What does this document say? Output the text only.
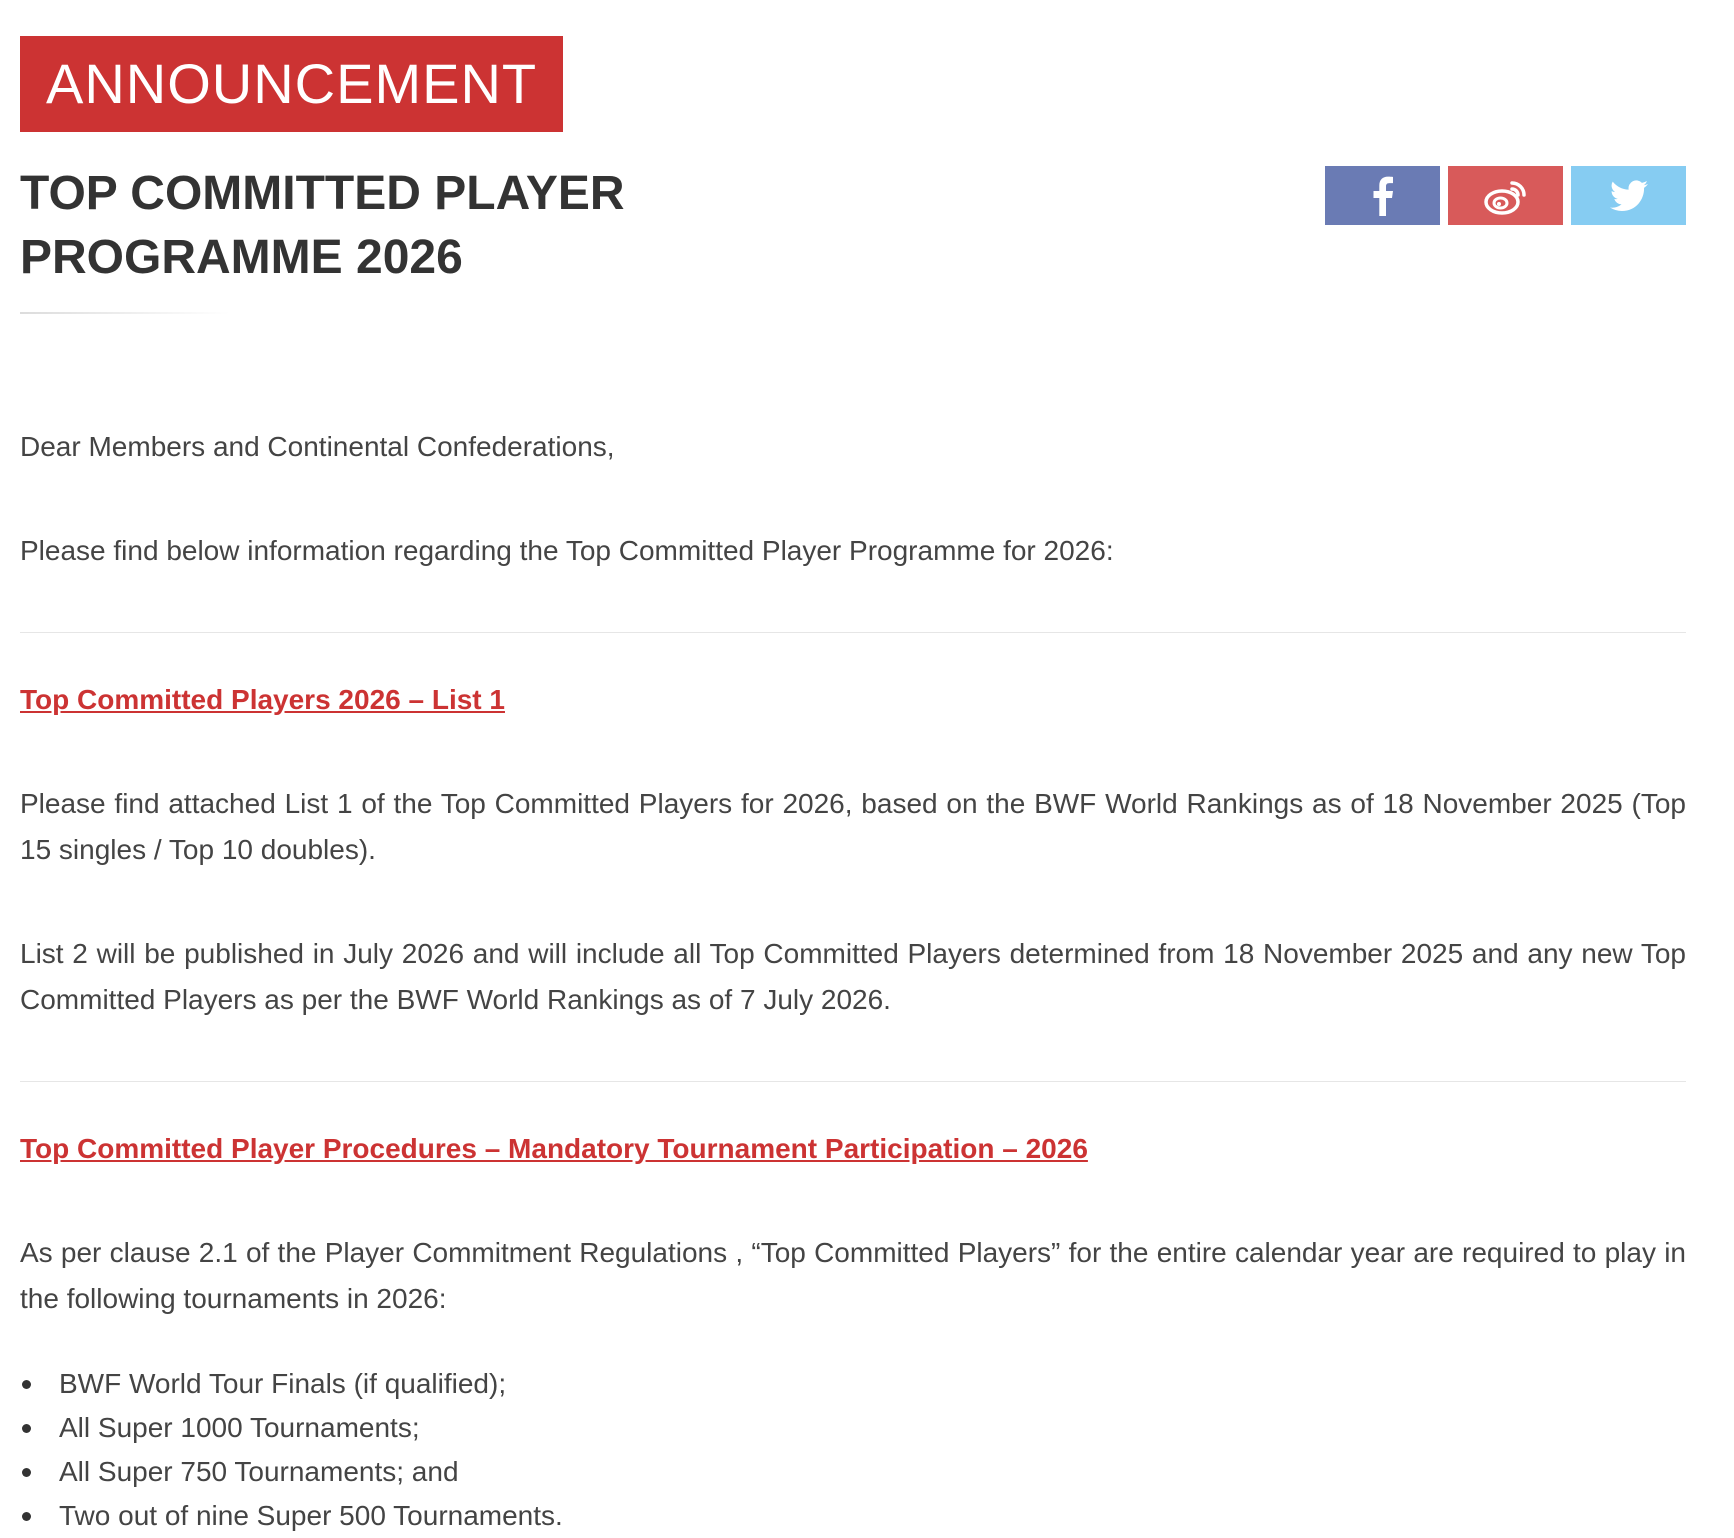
ANNOUNCEMENT
TOP COMMITTED PLAYER
PROGRAMME 2026

Dear Members and Continental Confederations,

Please find below information regarding the Top Committed Player Programme for 2026:

Top Committed Players 2026 – List 1

Please find attached List 1 of the Top Committed Players for 2026, based on the BWF World Rankings as of 18 November 2025 (Top 15 singles / Top 10 doubles).

List 2 will be published in July 2026 and will include all Top Committed Players determined from 18 November 2025 and any new Top Committed Players as per the BWF World Rankings as of 7 July 2026.

Top Committed Player Procedures – Mandatory Tournament Participation – 2026

As per clause 2.1 of the Player Commitment Regulations , “Top Committed Players” for the entire calendar year are required to play in the following tournaments in 2026:

BWF World Tour Finals (if qualified);
All Super 1000 Tournaments;
All Super 750 Tournaments; and
Two out of nine Super 500 Tournaments.
